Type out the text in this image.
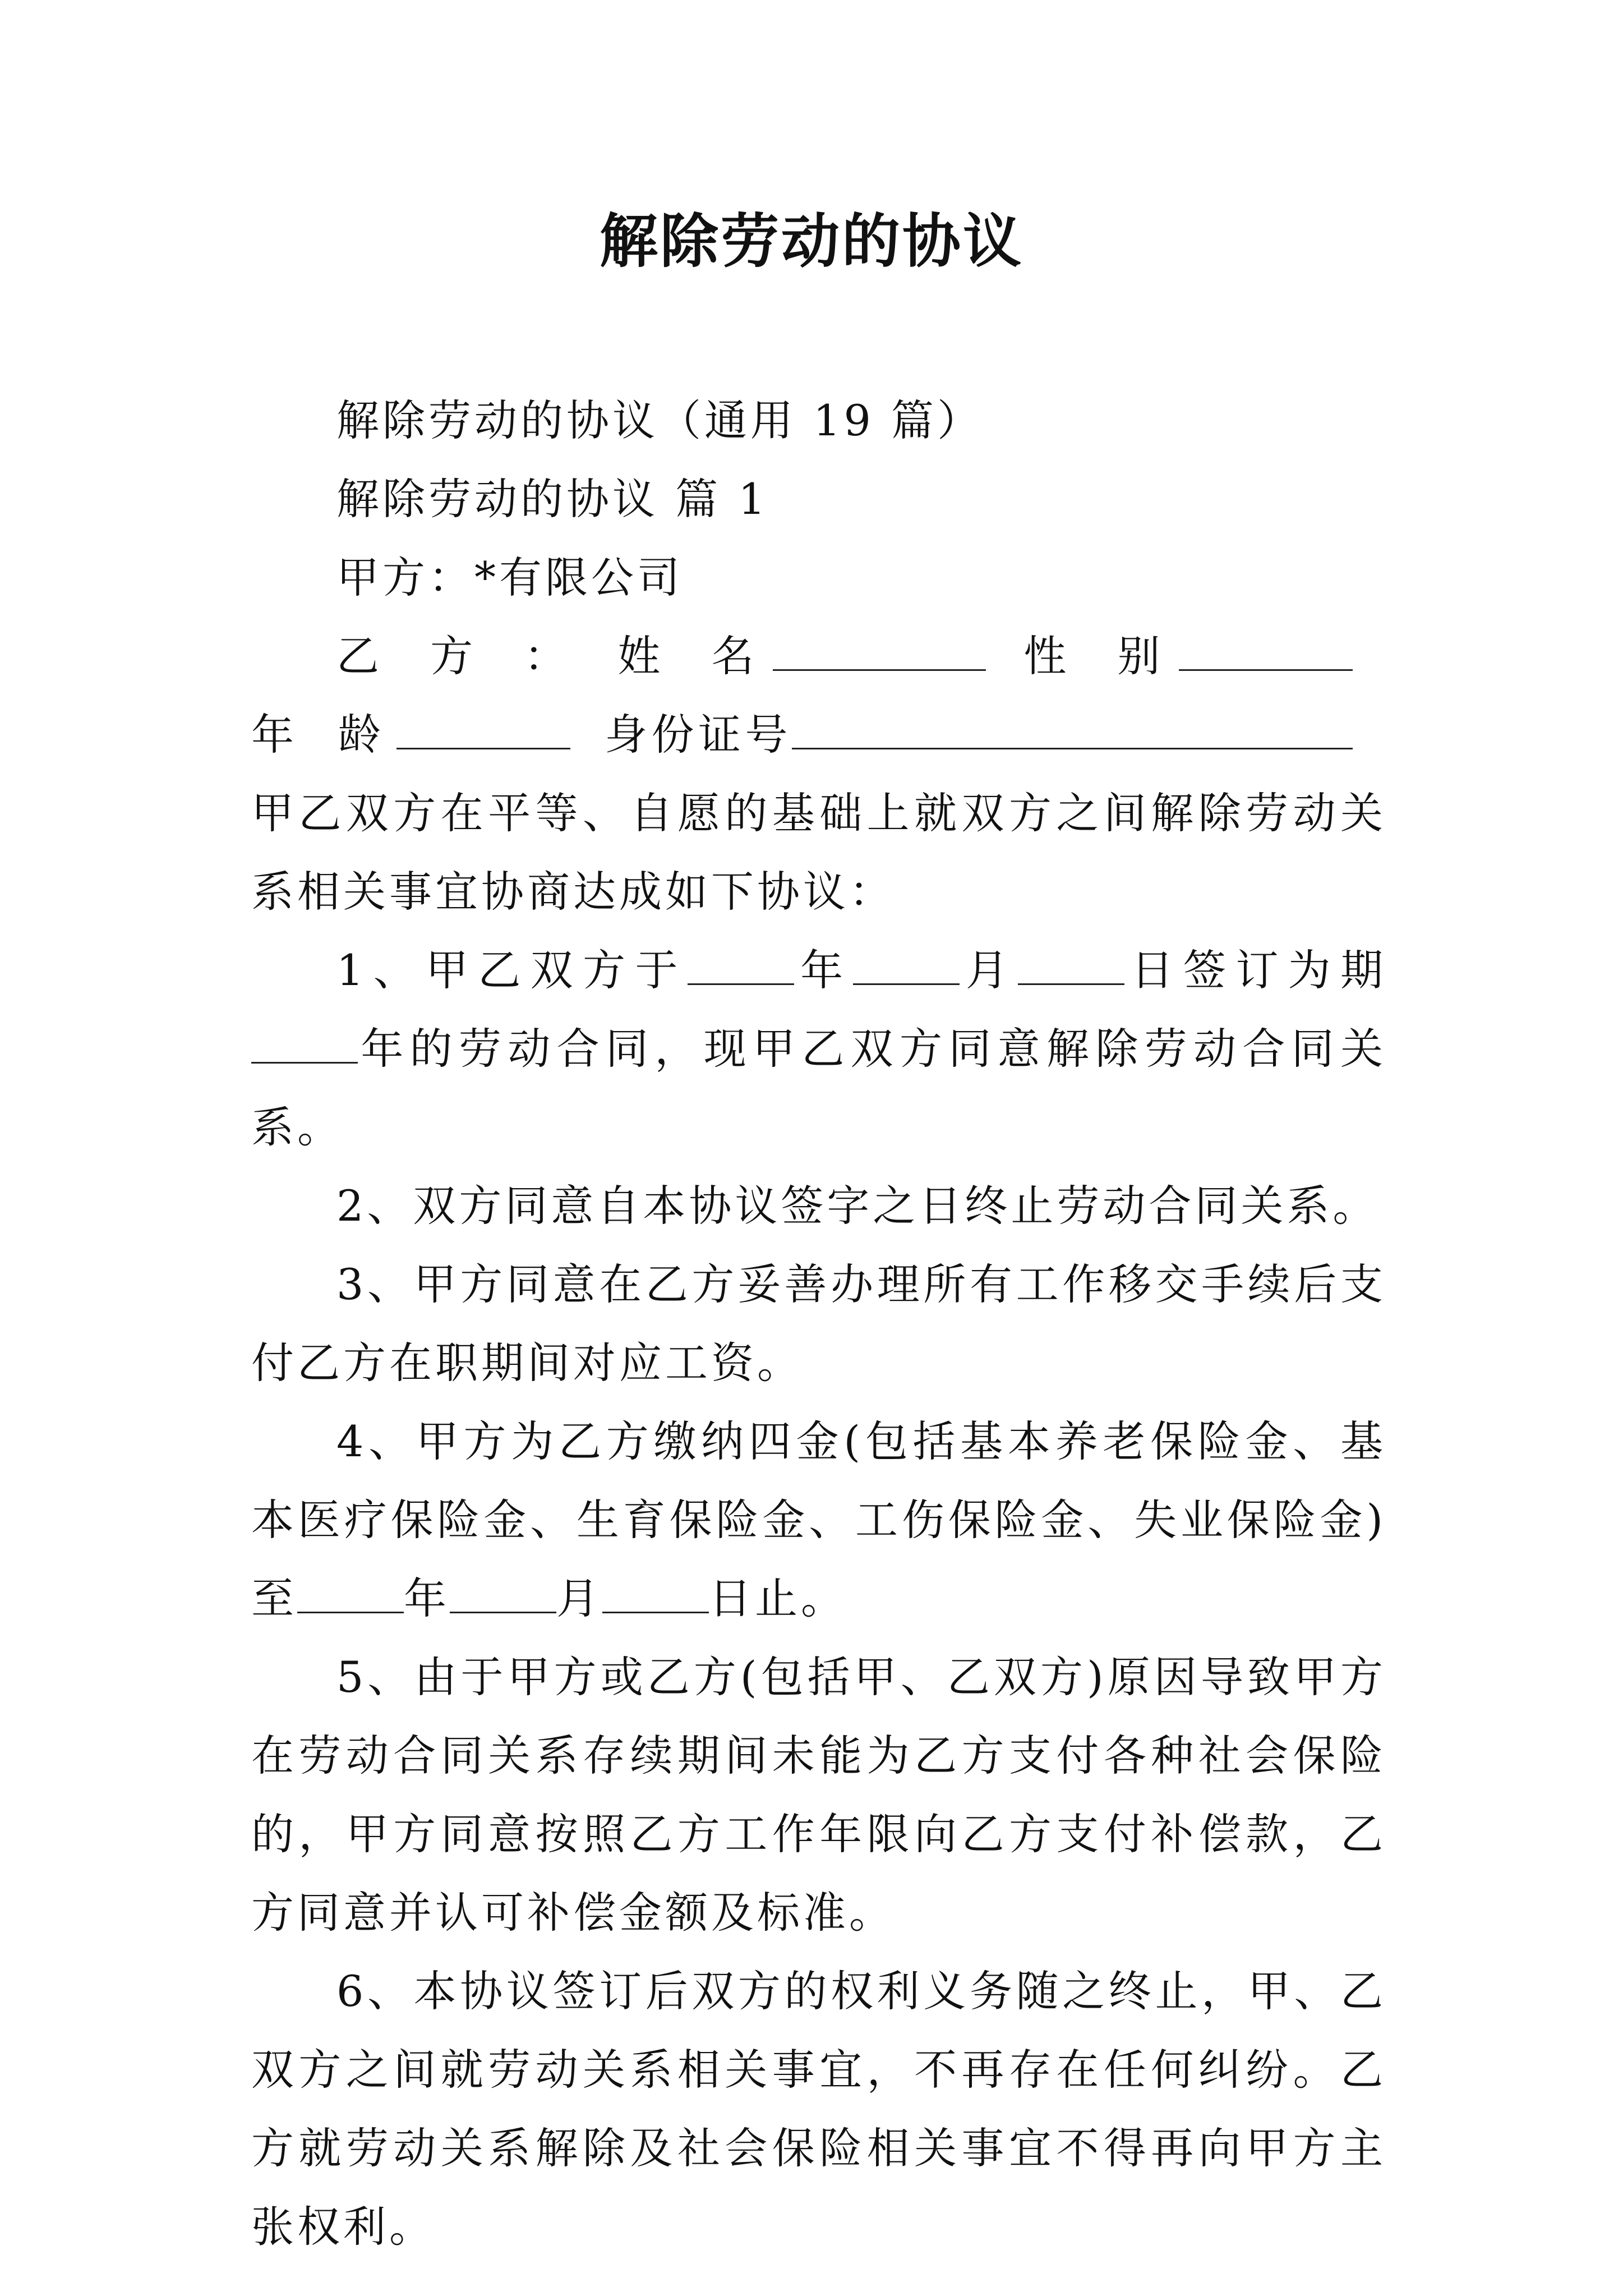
解除劳动的协议

解除劳动的协议（通用 19 篇）

解除劳动的协议 篇 1

甲方：*有限公司

乙 方 ： 姓 名	性 别年 龄	身份证号甲乙双方在平等、自愿的基础上就双方之间解除劳动关系相关事宜协商达成如下协议：

1、甲乙双方于	年	月	日签订为期年的劳动合同，现甲乙双方同意解除劳动合同关系。

2、双方同意自本协议签字之日终止劳动合同关系。

3、甲方同意在乙方妥善办理所有工作移交手续后支付乙方在职期间对应工资。

4、甲方为乙方缴纳四金(包括基本养老保险金、基本医疗保险金、生育保险金、工伤保险金、失业保险金)至	年	月	日止。

5、由于甲方或乙方(包括甲、乙双方)原因导致甲方在劳动合同关系存续期间未能为乙方支付各种社会保险的，甲方同意按照乙方工作年限向乙方支付补偿款，乙方同意并认可补偿金额及标准。

6、本协议签订后双方的权利义务随之终止，甲、乙双方之间就劳动关系相关事宜，不再存在任何纠纷。乙方就劳动关系解除及社会保险相关事宜不得再向甲方主张权利。
